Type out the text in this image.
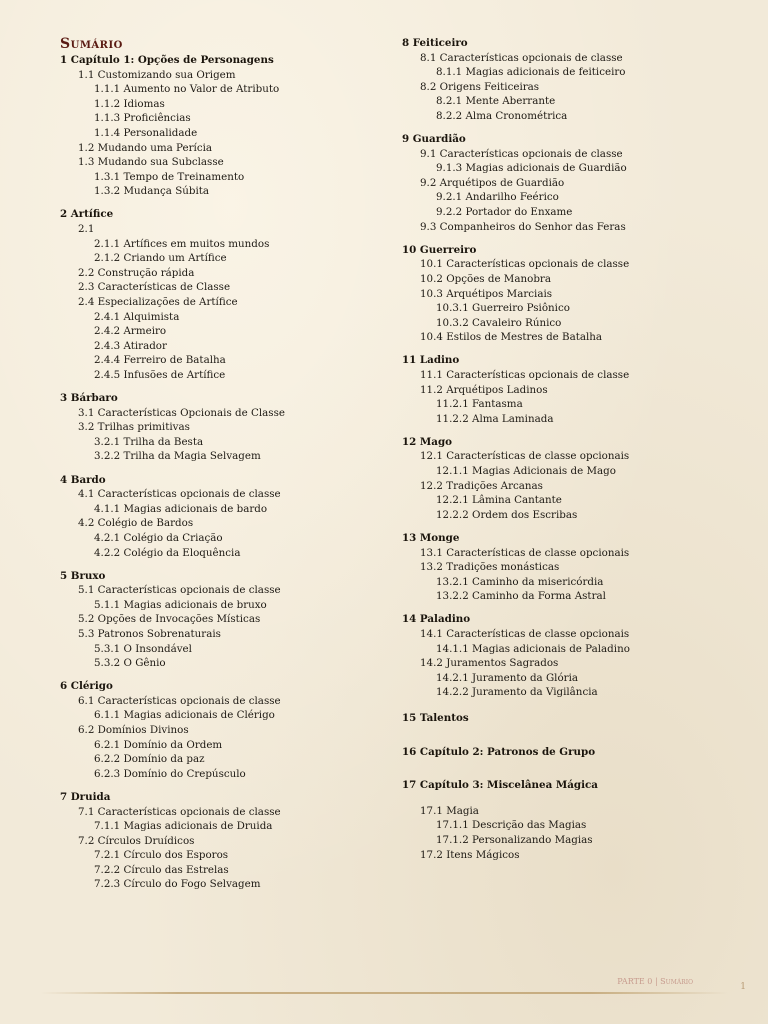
Sumário
1 Capítulo 1: Opções de Personagens
1.1 Customizando sua Origem
1.1.1 Aumento no Valor de Atributo
1.1.2 Idiomas
1.1.3 Proficiências
1.1.4 Personalidade
1.2 Mudando uma Perícia
1.3 Mudando sua Subclasse
1.3.1 Tempo de Treinamento
1.3.2 Mudança Súbita
2 Artífice
2.1
2.1.1 Artífices em muitos mundos
2.1.2 Criando um Artífice
2.2 Construção rápida
2.3 Características de Classe
2.4 Especializações de Artífice
2.4.1 Alquimista
2.4.2 Armeiro
2.4.3 Atirador
2.4.4 Ferreiro de Batalha
2.4.5 Infusões de Artífice
3 Bárbaro
3.1 Características Opcionais de Classe
3.2 Trilhas primitivas
3.2.1 Trilha da Besta
3.2.2 Trilha da Magia Selvagem
4 Bardo
4.1 Características opcionais de classe
4.1.1 Magias adicionais de bardo
4.2 Colégio de Bardos
4.2.1 Colégio da Criação
4.2.2 Colégio da Eloquência
5 Bruxo
5.1 Características opcionais de classe
5.1.1 Magias adicionais de bruxo
5.2 Opções de Invocações Místicas
5.3 Patronos Sobrenaturais
5.3.1 O Insondável
5.3.2 O Gênio
6 Clérigo
6.1 Características opcionais de classe
6.1.1 Magias adicionais de Clérigo
6.2 Domínios Divinos
6.2.1 Domínio da Ordem
6.2.2 Domínio da paz
6.2.3 Domínio do Crepúsculo
7 Druida
7.1 Características opcionais de classe
7.1.1 Magias adicionais de Druida
7.2 Círculos Druídicos
7.2.1 Círculo dos Esporos
7.2.2 Círculo das Estrelas
7.2.3 Círculo do Fogo Selvagem
8 Feiticeiro
8.1 Características opcionais de classe
8.1.1 Magias adicionais de feiticeiro
8.2 Origens Feiticeiras
8.2.1 Mente Aberrante
8.2.2 Alma Cronométrica
9 Guardião
9.1 Características opcionais de classe
9.1.3 Magias adicionais de Guardião
9.2 Arquétipos de Guardião
9.2.1 Andarilho Feérico
9.2.2 Portador do Enxame
9.3 Companheiros do Senhor das Feras
10 Guerreiro
10.1 Características opcionais de classe
10.2 Opções de Manobra
10.3 Arquétipos Marciais
10.3.1 Guerreiro Psiônico
10.3.2 Cavaleiro Rúnico
10.4 Estilos de Mestres de Batalha
11 Ladino
11.1 Características opcionais de classe
11.2 Arquétipos Ladinos
11.2.1 Fantasma
11.2.2 Alma Laminada
12 Mago
12.1 Características de classe opcionais
12.1.1 Magias Adicionais de Mago
12.2 Tradições Arcanas
12.2.1 Lâmina Cantante
12.2.2 Ordem dos Escribas
13 Monge
13.1 Características de classe opcionais
13.2 Tradições monásticas
13.2.1 Caminho da misericórdia
13.2.2 Caminho da Forma Astral
14 Paladino
14.1 Características de classe opcionais
14.1.1 Magias adicionais de Paladino
14.2 Juramentos Sagrados
14.2.1 Juramento da Glória
14.2.2 Juramento da Vigilância
15 Talentos
16 Capítulo 2: Patronos de Grupo
17 Capítulo 3: Miscelânea Mágica
17.1 Magia
17.1.1 Descrição das Magias
17.1.2 Personalizando Magias
17.2 Itens Mágicos
PARTE 0 | Sumário
1
